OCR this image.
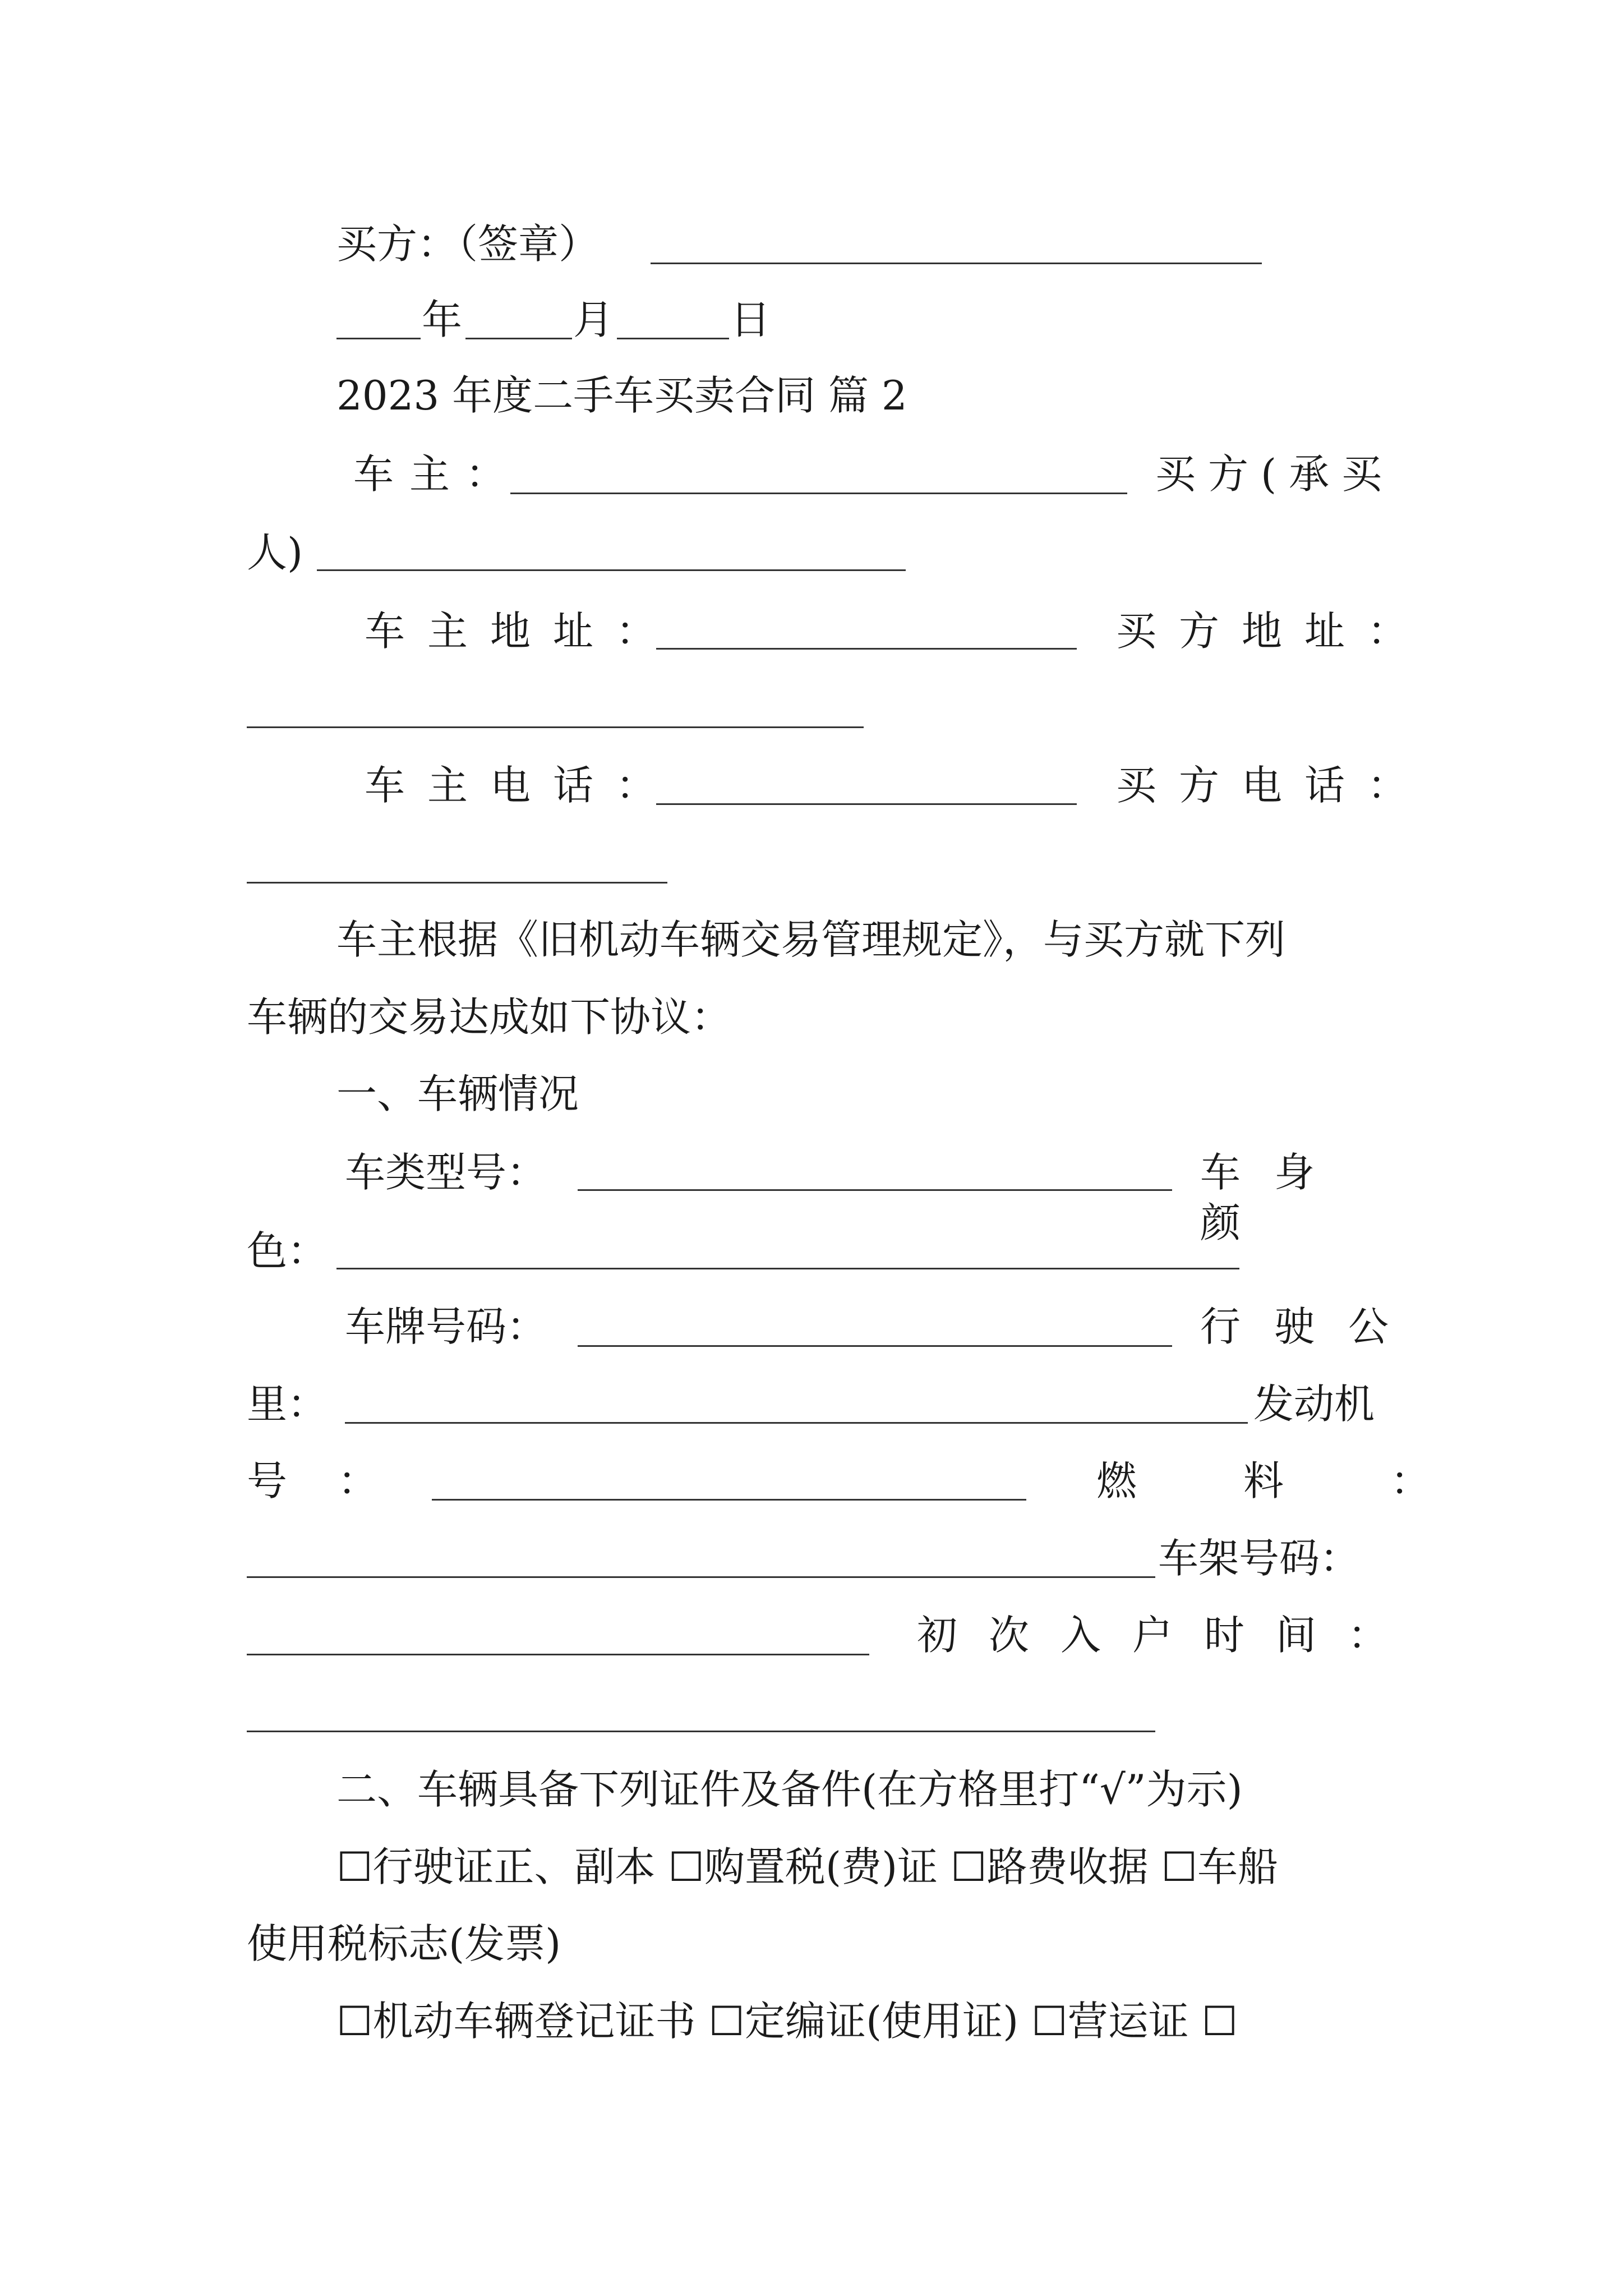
买方：（签章）
年	月	日
2023 年度二手车买卖合同 篇 2
车主：	买方(承买
人)
车主地址：	买方地址：
车主电话：	买方电话：
车主根据《旧机动车辆交易管理规定》，与买方就下列
车辆的交易达成如下协议：
一、车辆情况
车类型号：	车身颜
色：
车牌号码：	行驶公
里：	发动机
号：	燃料：
车架号码：
初次入户时间：
二、车辆具备下列证件及备件(在方格里打“√”为示)
☐行驶证正、副本 ☐购置税(费)证 ☐路费收据 ☐车船
使用税标志(发票)
☐机动车辆登记证书 ☐定编证(使用证) ☐营运证 ☐
